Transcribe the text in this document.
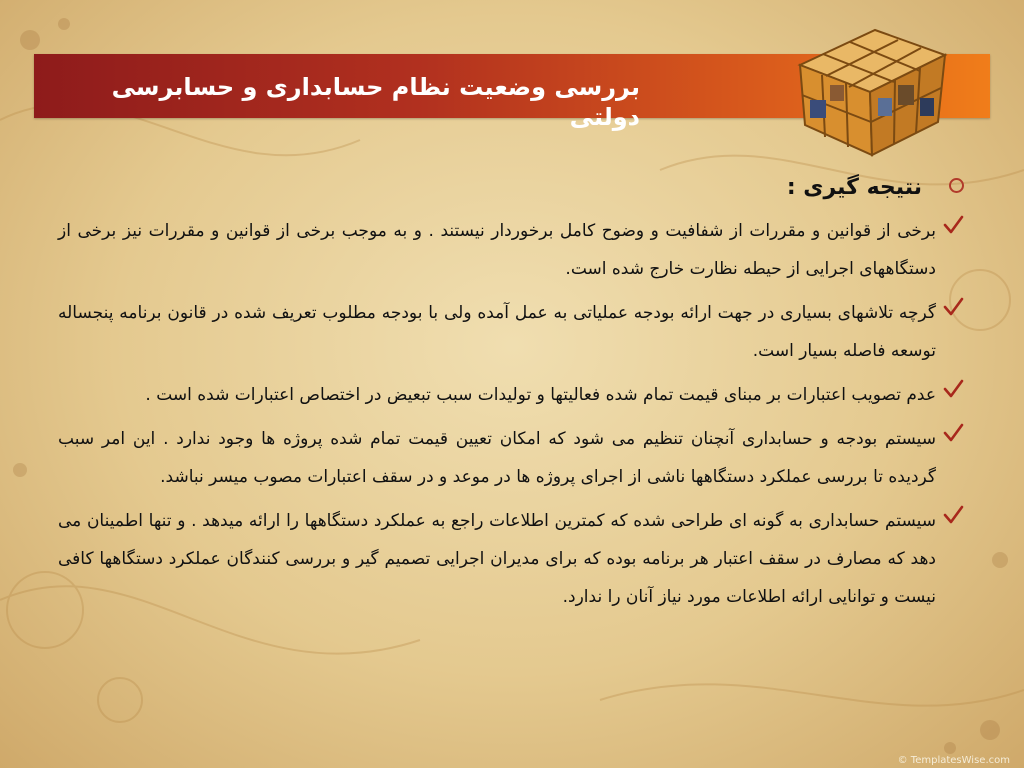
بررسی وضعیت نظام حسابداری و حسابرسی دولتی
نتیجه گیری :
برخی از قوانین و مقررات از شفافیت و وضوح کامل برخوردار نیستند . و به موجب برخی از قوانین و مقررات نیز برخی از دستگاههای اجرایی از حیطه نظارت خارج شده است.
گرچه تلاشهای بسیاری در جهت ارائه بودجه عملیاتی به عمل آمده ولی با بودجه مطلوب تعریف شده در قانون برنامه پنجساله توسعه فاصله بسیار است.
عدم تصویب اعتبارات بر مبنای قیمت تمام شده فعالیتها و تولیدات سبب تبعیض در اختصاص اعتبارات شده است .
سیستم بودجه و حسابداری آنچنان تنظیم می شود که امکان تعیین قیمت تمام شده پروژه ها وجود ندارد . این امر سبب گردیده تا بررسی عملکرد دستگاهها ناشی از اجرای پروژه ها در موعد و در سقف اعتبارات مصوب میسر نباشد.
سیستم حسابداری به گونه ای طراحی شده که کمترین اطلاعات راجع به عملکرد دستگاهها را ارائه میدهد . و تنها اطمینان می دهد که مصارف در سقف اعتبار هر برنامه بوده که برای مدیران اجرایی تصمیم گیر و بررسی کنندگان عملکرد دستگاهها کافی نیست و توانایی ارائه اطلاعات مورد نیاز آنان را ندارد.
© TemplatesWise.com
